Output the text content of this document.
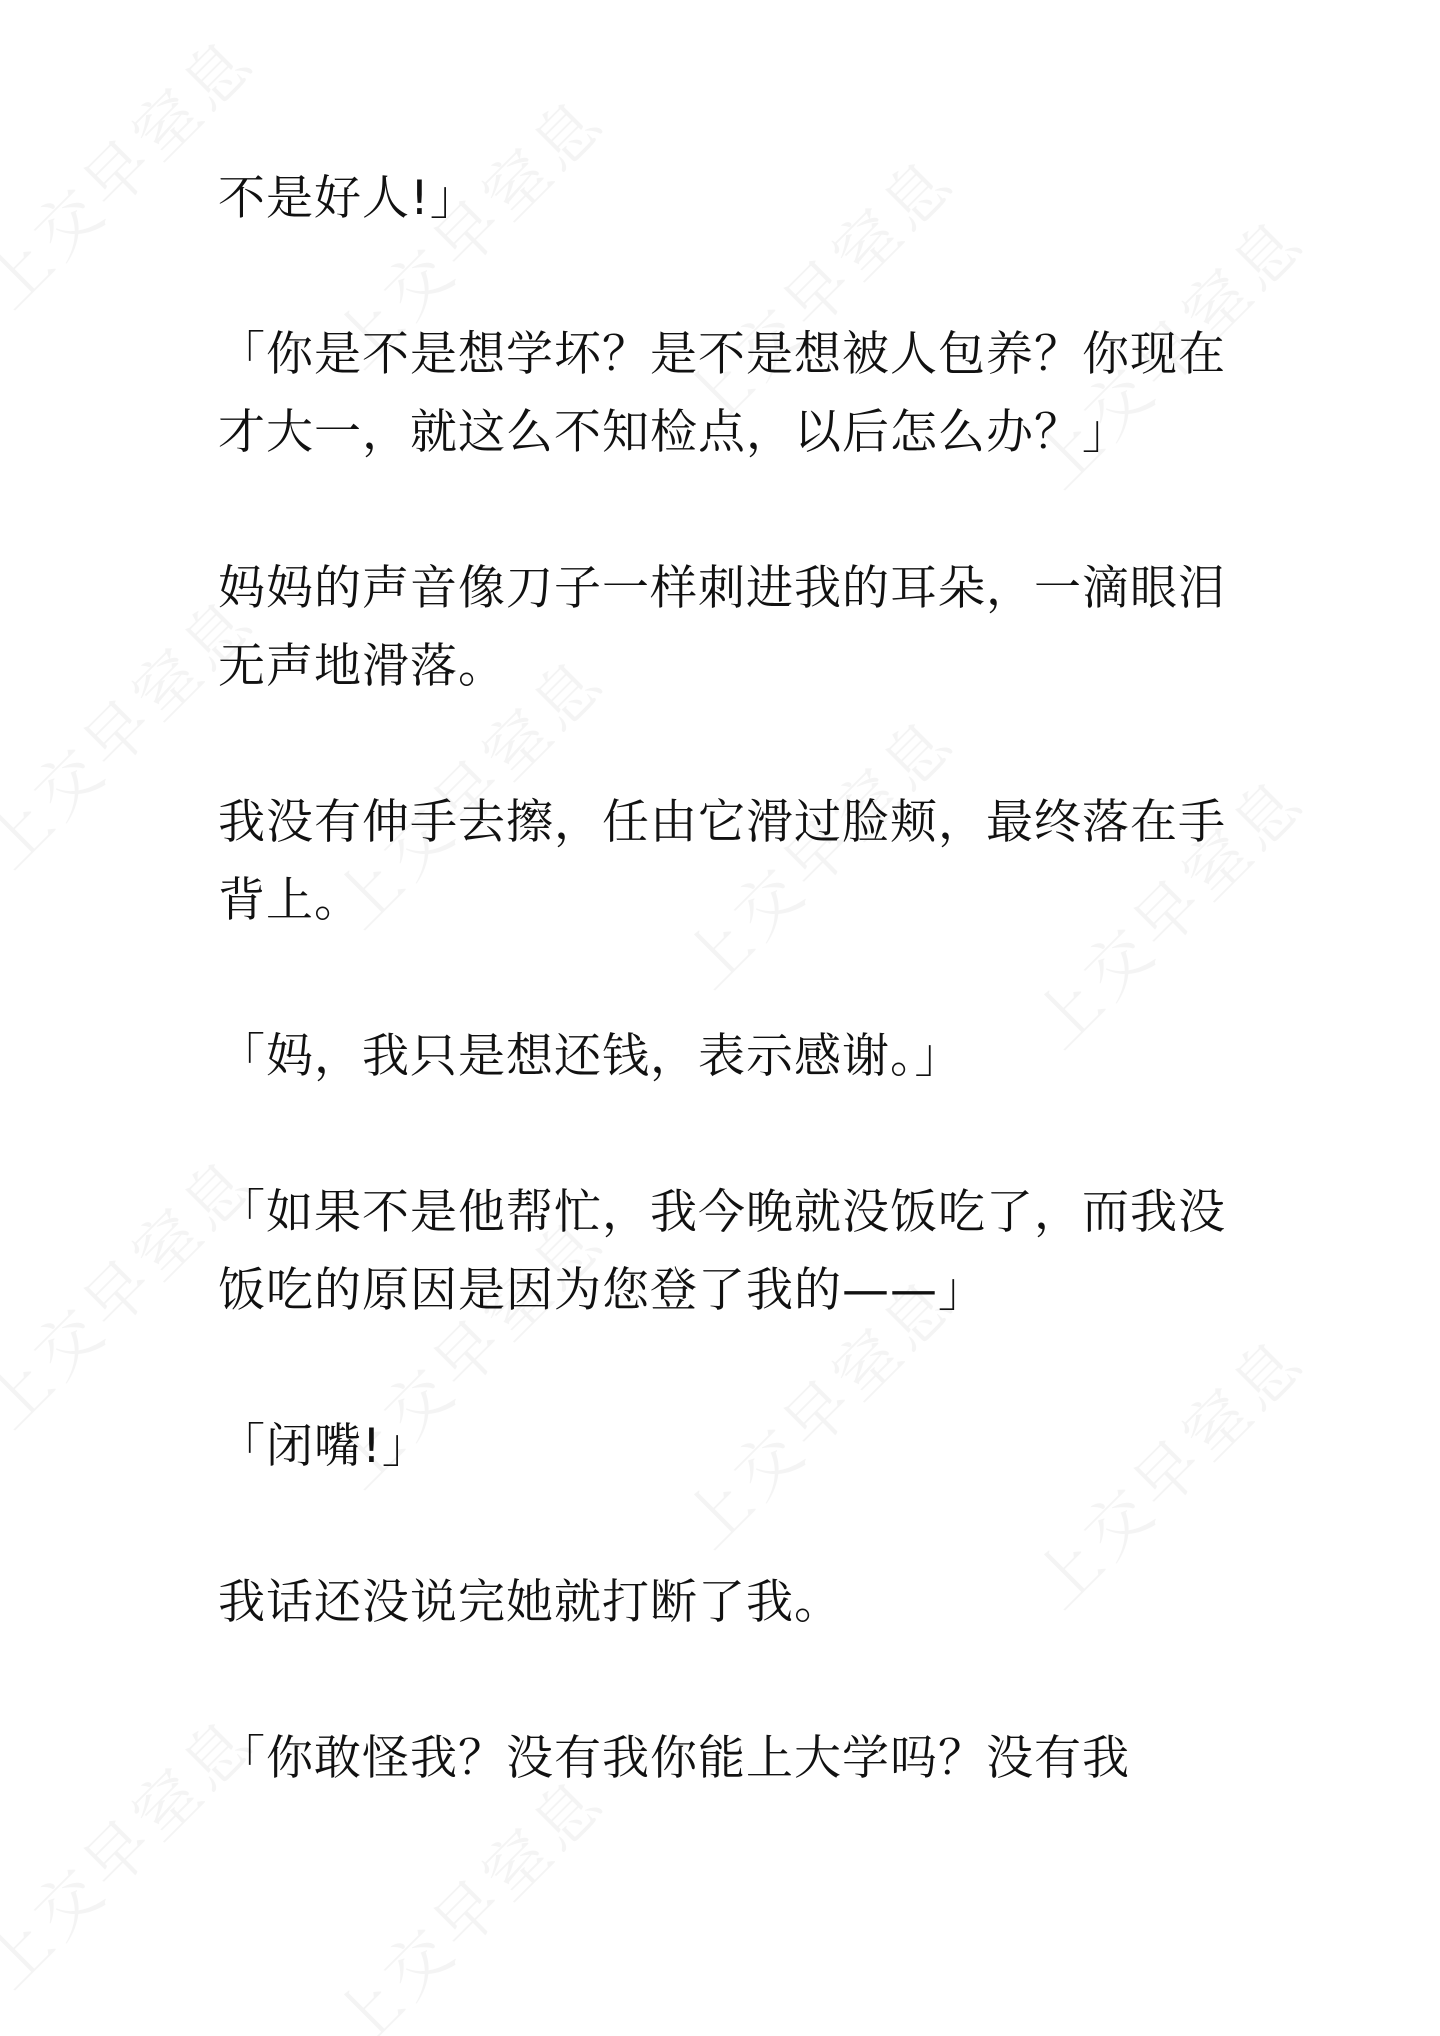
不是好人!」

「你是不是想学坏？是不是想被人包养？你现在才大一，就这么不知检点，以后怎么办？」

妈妈的声音像刀子一样刺进我的耳朵，一滴眼泪无声地滑落。

我没有伸手去擦，任由它滑过脸颊，最终落在手背上。

「妈，我只是想还钱，表示感谢。」

「如果不是他帮忙，我今晚就没饭吃了，而我没饭吃的原因是因为您登了我的——」

「闭嘴!」

我话还没说完她就打断了我。

「你敢怪我？没有我你能上大学吗？没有我
